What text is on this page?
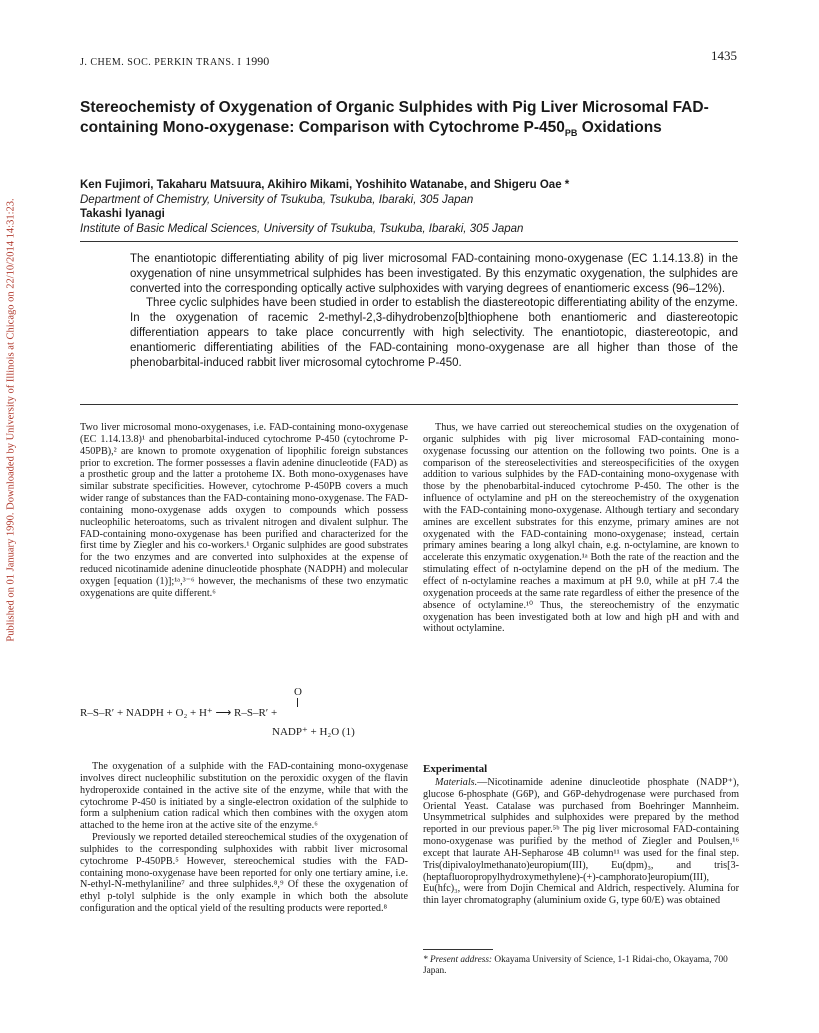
Published on 01 January 1990. Downloaded by University of Illinois at Chicago on 22/10/2014 14:31:23.
J. CHEM. SOC. PERKIN TRANS. I 1990	1435
Stereochemisty of Oxygenation of Organic Sulphides with Pig Liver Microsomal FAD-containing Mono-oxygenase: Comparison with Cytochrome $P-450_{PB}$ Oxidations
Ken Fujimori, Takaharu Matsuura, Akihiro Mikami, Yoshihito Watanabe, and Shigeru Oae *
Department of Chemistry, University of Tsukuba, Tsukuba, Ibaraki, 305 Japan
Takashi Iyanagi
Institute of Basic Medical Sciences, University of Tsukuba, Tsukuba, Ibaraki, 305 Japan

The enantiotopic differentiating ability of pig liver microsomal FAD-containing mono-oxygenase (EC 1.14.13.8) in the oxygenation of nine unsymmetrical sulphides has been investigated. By this enzymatic oxygenation, the sulphides are converted into the corresponding optically active sulphoxides with varying degrees of enantiomeric excess (96–12%).

Three cyclic sulphides have been studied in order to establish the diastereotopic differentiating ability of the enzyme. In the oxygenation of racemic 2-methyl-2,3-dihydrobenzo[b]thiophene both enantiomeric and diastereotopic differentiation appears to take place concurrently with high selectivity. The enantiotopic, diastereotopic, and enantiomeric differentiating abilities of the FAD-containing mono-oxygenase are all higher than those of the phenobarbital-induced rabbit liver microsomal cytochrome P-450.

Two liver microsomal mono-oxygenases, i.e. FAD-containing mono-oxygenase (EC 1.14.13.8)¹ and phenobarbital-induced cytochrome P-450 (cytochrome P-450PB),² are known to promote oxygenation of lipophilic foreign substances prior to excretion. The former possesses a flavin adenine dinucleotide (FAD) as a prosthetic group and the latter a protoheme IX. Both mono-oxygenases have similar substrate specificities. However, cytochrome P-450PB covers a much wider range of substances than the FAD-containing mono-oxygenase. The FAD-containing mono-oxygenase adds oxygen to compounds which possess nucleophilic heteroatoms, such as trivalent nitrogen and divalent sulphur. The FAD-containing mono-oxygenase has been purified and characterized for the first time by Ziegler and his co-workers.¹ Organic sulphides are good substrates for the two enzymes and are converted into sulphoxides at the expense of reduced nicotinamide adenine dinucleotide phosphate (NADPH) and molecular oxygen [equation (1)];¹ᵃ,³⁻⁶ however, the mechanisms of these two enzymatic oxygenations are quite different.⁶

O
R–S–R′ + NADPH + O₂ + H⁺ ⟶ R–S–R′ +
NADP⁺ + H₂O (1)

The oxygenation of a sulphide with the FAD-containing mono-oxygenase involves direct nucleophilic substitution on the peroxidic oxygen of the flavin hydroperoxide contained in the active site of the enzyme, while that with the cytochrome P-450 is initiated by a single-electron oxidation of the sulphide to form a sulphenium cation radical which then combines with the oxygen atom attached to the heme iron at the active site of the enzyme.⁶

Previously we reported detailed stereochemical studies of the oxygenation of sulphides to the corresponding sulphoxides with rabbit liver microsomal cytochrome P-450PB.⁵ However, stereochemical studies with the FAD-containing mono-oxygenase have been reported for only one tertiary amine, i.e. N-ethyl-N-methylaniline⁷ and three sulphides.⁸,⁹ Of these the oxygenation of ethyl p-tolyl sulphide is the only example in which both the absolute configuration and the optical yield of the resulting products were reported.⁸

Thus, we have carried out stereochemical studies on the oxygenation of organic sulphides with pig liver microsomal FAD-containing mono-oxygenase focussing our attention on the following two points. One is a comparison of the stereoselectivities and stereospecificities of the oxygen addition to various sulphides by the FAD-containing mono-oxygenase with those by the phenobarbital-induced cytochrome P-450. The other is the influence of octylamine and pH on the stereochemistry of the oxygenation with the FAD-containing mono-oxygenase. Although tertiary and secondary amines are excellent substrates for this enzyme, primary amines are not oxygenated with the FAD-containing mono-oxygenase; instead, certain primary amines bearing a long alkyl chain, e.g. n-octylamine, are known to accelerate this enzymatic oxygenation.¹ᵃ Both the rate of the reaction and the stimulating effect of n-octylamine depend on the pH of the medium. The effect of n-octylamine reaches a maximum at pH 9.0, while at pH 7.4 the oxygenation proceeds at the same rate regardless of either the presence of the absence of octylamine.¹⁰ Thus, the stereochemistry of the enzymatic oxygenation has been investigated both at low and high pH and with and without octylamine.

Experimental

Materials.—Nicotinamide adenine dinucleotide phosphate (NADP⁺), glucose 6-phosphate (G6P), and G6P-dehydrogenase were purchased from Oriental Yeast. Catalase was purchased from Boehringer Mannheim. Unsymmetrical sulphides and sulphoxides were prepared by the method reported in our previous paper.⁵ᵇ The pig liver microsomal FAD-containing mono-oxygenase was purified by the method of Ziegler and Poulsen,¹⁶ except that laurate AH-Sepharose 4B column¹¹ was used for the final step. Tris(dipivaloylmethanato)europium(III), Eu(dpm)₃, and tris[3-(heptafluoropropylhydroxymethylene)-(+)-camphorato]europium(III), Eu(hfc)₃, were from Dojin Chemical and Aldrich, respectively. Alumina for thin layer chromatography (aluminium oxide G, type 60/E) was obtained

* Present address: Okayama University of Science, 1-1 Ridai-cho, Okayama, 700 Japan.
